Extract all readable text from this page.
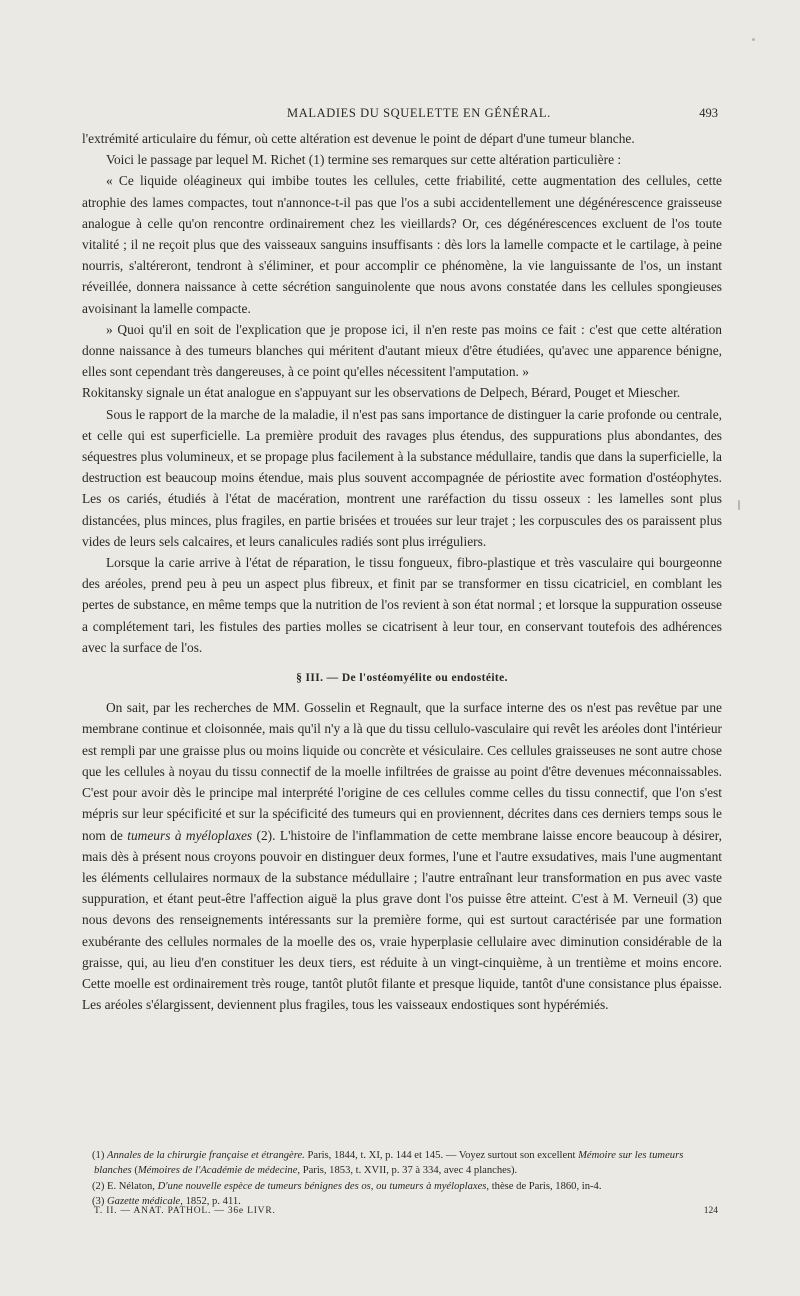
MALADIES DU SQUELETTE EN GÉNÉRAL.	493

l'extrémité articulaire du fémur, où cette altération est devenue le point de départ d'une tumeur blanche.

Voici le passage par lequel M. Richet (1) termine ses remarques sur cette altération particulière :

« Ce liquide oléagineux qui imbibe toutes les cellules, cette friabilité, cette augmentation des cellules, cette atrophie des lames compactes, tout n'annonce-t-il pas que l'os a subi accidentellement une dégénérescence graisseuse analogue à celle qu'on rencontre ordinairement chez les vieillards? Or, ces dégénérescences excluent de l'os toute vitalité ; il ne reçoit plus que des vaisseaux sanguins insuffisants : dès lors la lamelle compacte et le cartilage, à peine nourris, s'altéreront, tendront à s'éliminer, et pour accomplir ce phénomène, la vie languissante de l'os, un instant réveillée, donnera naissance à cette sécrétion sanguinolente que nous avons constatée dans les cellules spongieuses avoisinant la lamelle compacte.

» Quoi qu'il en soit de l'explication que je propose ici, il n'en reste pas moins ce fait : c'est que cette altération donne naissance à des tumeurs blanches qui méritent d'autant mieux d'être étudiées, qu'avec une apparence bénigne, elles sont cependant très dangereuses, à ce point qu'elles nécessitent l'amputation. »

Rokitansky signale un état analogue en s'appuyant sur les observations de Delpech, Bérard, Pouget et Miescher.

Sous le rapport de la marche de la maladie, il n'est pas sans importance de distinguer la carie profonde ou centrale, et celle qui est superficielle. La première produit des ravages plus étendus, des suppurations plus abondantes, des séquestres plus volumineux, et se propage plus facilement à la substance médullaire, tandis que dans la superficielle, la destruction est beaucoup moins étendue, mais plus souvent accompagnée de périostite avec formation d'ostéophytes. Les os cariés, étudiés à l'état de macération, montrent une raréfaction du tissu osseux : les lamelles sont plus distancées, plus minces, plus fragiles, en partie brisées et trouées sur leur trajet ; les corpuscules des os paraissent plus vides de leurs sels calcaires, et leurs canalicules radiés sont plus irréguliers.

Lorsque la carie arrive à l'état de réparation, le tissu fongueux, fibro-plastique et très vasculaire qui bourgeonne des aréoles, prend peu à peu un aspect plus fibreux, et finit par se transformer en tissu cicatriciel, en comblant les pertes de substance, en même temps que la nutrition de l'os revient à son état normal ; et lorsque la suppuration osseuse a complétement tari, les fistules des parties molles se cicatrisent à leur tour, en conservant toutefois des adhérences avec la surface de l'os.

§ III. — De l'ostéomyélite ou endostéite.

On sait, par les recherches de MM. Gosselin et Regnault, que la surface interne des os n'est pas revêtue par une membrane continue et cloisonnée, mais qu'il n'y a là que du tissu cellulo-vasculaire qui revêt les aréoles dont l'intérieur est rempli par une graisse plus ou moins liquide ou concrète et vésiculaire. Ces cellules graisseuses ne sont autre chose que les cellules à noyau du tissu connectif de la moelle infiltrées de graisse au point d'être devenues méconnaissables. C'est pour avoir dès le principe mal interprété l'origine de ces cellules comme celles du tissu connectif, que l'on s'est mépris sur leur spécificité et sur la spécificité des tumeurs qui en proviennent, décrites dans ces derniers temps sous le nom de tumeurs à myéloplaxes (2). L'histoire de l'inflammation de cette membrane laisse encore beaucoup à désirer, mais dès à présent nous croyons pouvoir en distinguer deux formes, l'une et l'autre exsudatives, mais l'une augmentant les éléments cellulaires normaux de la substance médullaire ; l'autre entraînant leur transformation en pus avec vaste suppuration, et étant peut-être l'affection aiguë la plus grave dont l'os puisse être atteint. C'est à M. Verneuil (3) que nous devons des renseignements intéressants sur la première forme, qui est surtout caractérisée par une formation exubérante des cellules normales de la moelle des os, vraie hyperplasie cellulaire avec diminution considérable de la graisse, qui, au lieu d'en constituer les deux tiers, est réduite à un vingt-cinquième, à un trentième et moins encore. Cette moelle est ordinairement très rouge, tantôt plutôt filante et presque liquide, tantôt d'une consistance plus épaisse. Les aréoles s'élargissent, deviennent plus fragiles, tous les vaisseaux endostiques sont hypérémiés.

(1) Annales de la chirurgie française et étrangère. Paris, 1844, t. XI, p. 144 et 145. — Voyez surtout son excellent Mémoire sur les tumeurs blanches (Mémoires de l'Académie de médecine, Paris, 1853, t. XVII, p. 37 à 334, avec 4 planches).
(2) E. Nélaton, D'une nouvelle espèce de tumeurs bénignes des os, ou tumeurs à myéloplaxes, thèse de Paris, 1860, in-4.
(3) Gazette médicale, 1852, p. 411.
T. II. — ANAT. PATHOL. — 36e LIVR.	124
